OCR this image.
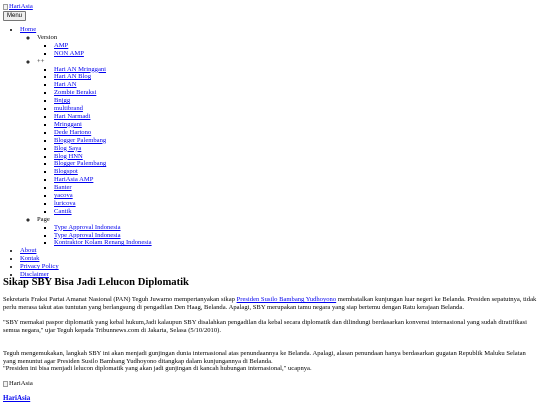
HariAsia
Menu
• Home
◦ Version
▪ AMP
▪ NON AMP
◦ ++
▪ Hari AN Mringgani
▪ Hari AN Blog
▪ Hari AN
▪ Zombie Beraksi
▪ Bnjgg
▪ multibrand
▪ Hari Narmadi
▪ Mringgani
▪ Dede Hartono
▪ Blogger Palembang
▪ Blog Saya
▪ Blog HNN
▪ Blogger Palembang
▪ Blogspot
▪ HariAsia AMP
▪ Banter
▪ yacova
▪ luricova
▪ Cantik
◦ Page
▪ Type Approval Indonesia
▪ Type Approval Indonesia
▪ Kontraktor Kolam Renang Indonesia
• About
• Kontak
• Privacy Policy
• Disclaimer
Sikap SBY Bisa Jadi Lelucon Diplomatik

Sekretaris Fraksi Partai Amanat Nasional (PAN) Teguh Juwarno mempertanyakan sikap Presiden Susilo Bambang Yudhoyono membatalkan kunjungan luar negeri ke Belanda. Presiden sepatutnya, tidak perlu merasa takut atas tuntutan yang berlangsung di pengadilan Den Haag, Belanda. Apalagi, SBY merupakan tamu negara yang siap bertemu dengan Ratu kerajaan Belanda.

"SBY memakai paspor diplomatik yang kebal hukum,Jadi kalaupun SBY disalahkan pengadilan dia kebal secara diplomatik dan dilindungi berdasarkan konvensi internasional yang sudah diratifikasi semua negara," ujar Teguh kepada Tribunnews.com di Jakarta, Selasa (5/10/2010).

Teguh mengemukakan, langkah SBY ini akan menjadi gunjingan dunia internasional atas penundaannya ke Belanda. Apalagi, alasan penundaan hanya berdasarkan gugatan Republik Maluku Selatan yang menuntut agar Presiden Susilo Bambang Yudhoyono ditangkap dalam kunjungannya di Belanda.

"Presiden ini bisa menjadi lelucon diplomatik yang akan jadi gunjingan di kancah hubungan internasional," ucapnya.

HariAsia
HariAsia
